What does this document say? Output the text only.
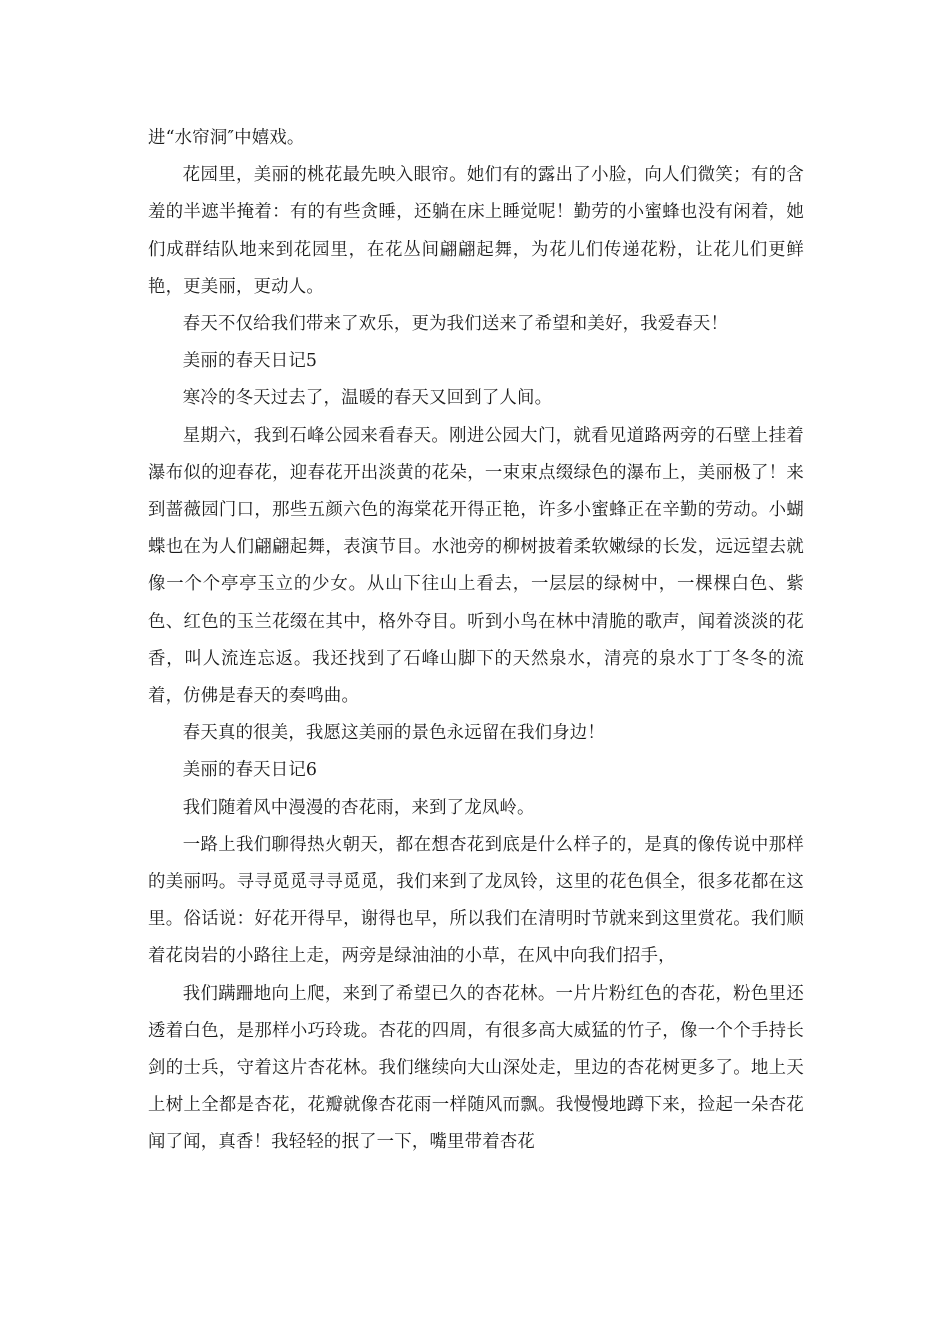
进“水帘洞″中嬉戏。

花园里，美丽的桃花最先映入眼帘。她们有的露出了小脸，向人们微笑；有的含羞的半遮半掩着：有的有些贪睡，还躺在床上睡觉呢！勤劳的小蜜蜂也没有闲着，她们成群结队地来到花园里，在花丛间翩翩起舞，为花儿们传递花粉，让花儿们更鲜艳，更美丽，更动人。

春天不仅给我们带来了欢乐，更为我们送来了希望和美好，我爱春天！

美丽的春天日记5

寒冷的冬天过去了，温暖的春天又回到了人间。

星期六，我到石峰公园来看春天。刚进公园大门，就看见道路两旁的石壁上挂着瀑布似的迎春花，迎春花开出淡黄的花朵，一束束点缀绿色的瀑布上，美丽极了！来到蔷薇园门口，那些五颜六色的海棠花开得正艳，许多小蜜蜂正在辛勤的劳动。小蝴蝶也在为人们翩翩起舞，表演节目。水池旁的柳树披着柔软嫩绿的长发，远远望去就像一个个亭亭玉立的少女。从山下往山上看去，一层层的绿树中，一棵棵白色、紫色、红色的玉兰花缀在其中，格外夺目。听到小鸟在林中清脆的歌声，闻着淡淡的花香，叫人流连忘返。我还找到了石峰山脚下的天然泉水，清亮的泉水丁丁冬冬的流着，仿佛是春天的奏鸣曲。

春天真的很美，我愿这美丽的景色永远留在我们身边！

美丽的春天日记6

我们随着风中漫漫的杏花雨，来到了龙凤岭。

一路上我们聊得热火朝天，都在想杏花到底是什么样子的，是真的像传说中那样的美丽吗。寻寻觅觅寻寻觅觅，我们来到了龙凤铃，这里的花色俱全，很多花都在这里。俗话说：好花开得早，谢得也早，所以我们在清明时节就来到这里赏花。我们顺着花岗岩的小路往上走，两旁是绿油油的小草，在风中向我们招手，

我们蹒跚地向上爬，来到了希望已久的杏花林。一片片粉红色的杏花，粉色里还透着白色，是那样小巧玲珑。杏花的四周，有很多高大威猛的竹子，像一个个手持长剑的士兵，守着这片杏花林。我们继续向大山深处走，里边的杏花树更多了。地上天上树上全都是杏花，花瓣就像杏花雨一样随风而飘。我慢慢地蹲下来，捡起一朵杏花闻了闻，真香！我轻轻的抿了一下，嘴里带着杏花
